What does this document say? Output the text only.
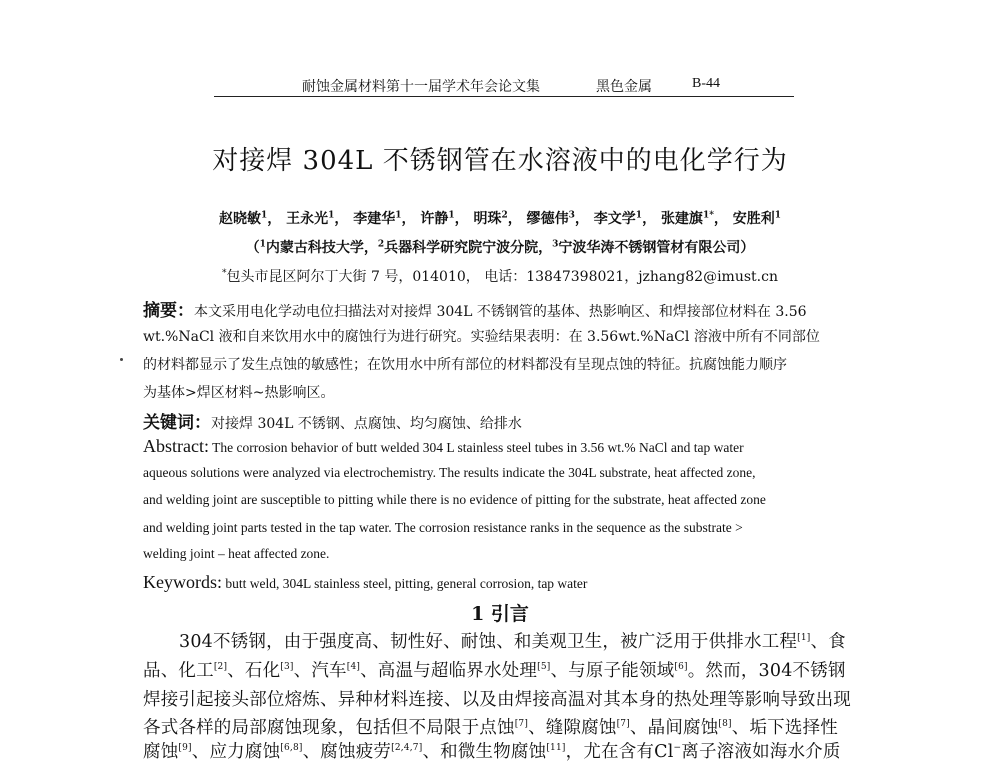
耐蚀金属材料第十一届学术年会论文集	黑色金属	B-44
对接焊 304L 不锈钢管在水溶液中的电化学行为
赵晓敏$^1$， 王永光$^1$， 李建华$^1$， 许静$^1$， 明珠$^2$， 缪德伟$^3$， 李文学$^1$， 张建旗$^{1*}$， 安胜利$^1$
（$^1$内蒙古科技大学，$^2$兵器科学研究院宁波分院，$^3$宁波华涛不锈钢管材有限公司）
*包头市昆区阿尔丁大街 7 号，014010， 电话：13847398021，jzhang82@imust.cn
摘要：本文采用电化学动电位扫描法对对接焊 304L 不锈钢管的基体、热影响区、和焊接部位材料在 3.56
wt.%NaCl 液和自来饮用水中的腐蚀行为进行研究。实验结果表明：在 3.56wt.%NaCl 溶液中所有不同部位
的材料都显示了发生点蚀的敏感性；在饮用水中所有部位的材料都没有呈现点蚀的特征。抗腐蚀能力顺序
为基体>焊区材料~热影响区。
关键词：对接焊 304L 不锈钢、点腐蚀、均匀腐蚀、给排水
Abstract: The corrosion behavior of butt welded 304 L stainless steel tubes in 3.56 wt.% NaCl and tap water
aqueous solutions were analyzed via electrochemistry. The results indicate the 304L substrate, heat affected zone,
and welding joint are susceptible to pitting while there is no evidence of pitting for the substrate, heat affected zone
and welding joint parts tested in the tap water. The corrosion resistance ranks in the sequence as the substrate >
welding joint – heat affected zone.
Keywords: butt weld, 304L stainless steel, pitting, general corrosion, tap water
1 引言
304不锈钢，由于强度高、韧性好、耐蚀、和美观卫生，被广泛用于供排水工程[1]、食
品、化工[2]、石化[3]、汽车[4]、高温与超临界水处理[5]、与原子能领域[6]。然而，304不锈钢
焊接引起接头部位熔炼、异种材料连接、以及由焊接高温对其本身的热处理等影响导致出现
各式各样的局部腐蚀现象，包括但不局限于点蚀[7]、缝隙腐蚀[7]、晶间腐蚀[8]、垢下选择性
腐蚀[9]、应力腐蚀[6,8]、腐蚀疲劳[2,4,7]、和微生物腐蚀[11]，尤在含有Cl−离子溶液如海水介质
